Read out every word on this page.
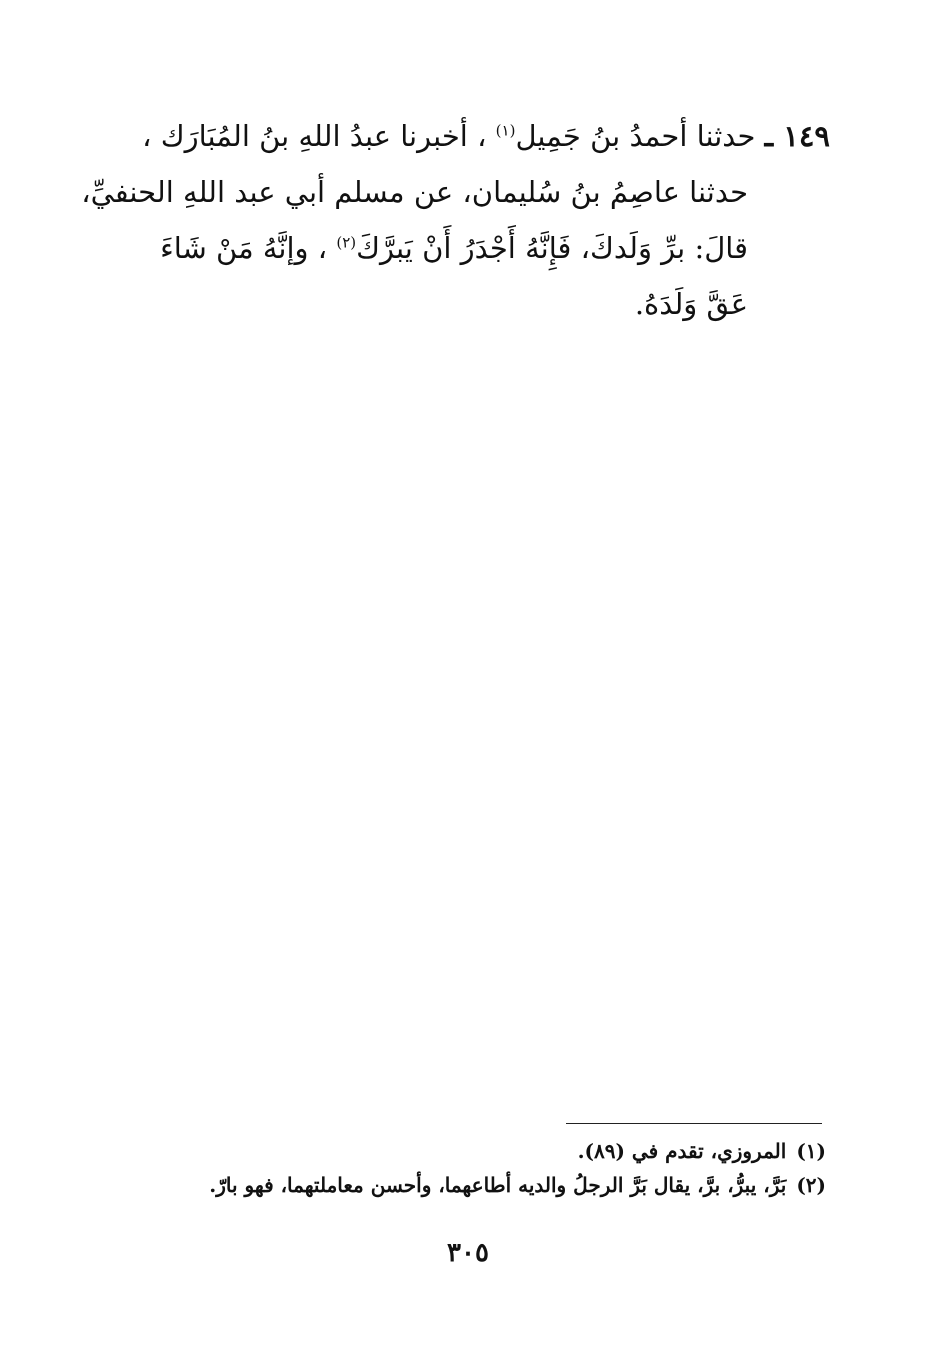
١٤٩ ـ حدثنا أحمدُ بنُ جَمِيل$^{(١)}$ ، أخبرنا عبدُ اللهِ بنُ المُبَارَك ،
حدثنا عاصِمُ بنُ سُليمان، عن مسلم أبي عبد اللهِ الحنفيِّ،
قالَ: برِّ وَلَدكَ، فَإِنَّهُ أَجْدَرُ أَنْ يَبرَّكَ$^{(٢)}$ ، وإنَّهُ مَنْ شَاءَ
عَقَّ وَلَدَهُ.
(١)المروزي، تقدم في (٨٩).
(٢)بَرَّ، يبرُّ، برَّ، يقال بَرَّ الرجلُ والديه أطاعهما، وأحسن معاملتهما، فهو بارّ.
٣٠٥
